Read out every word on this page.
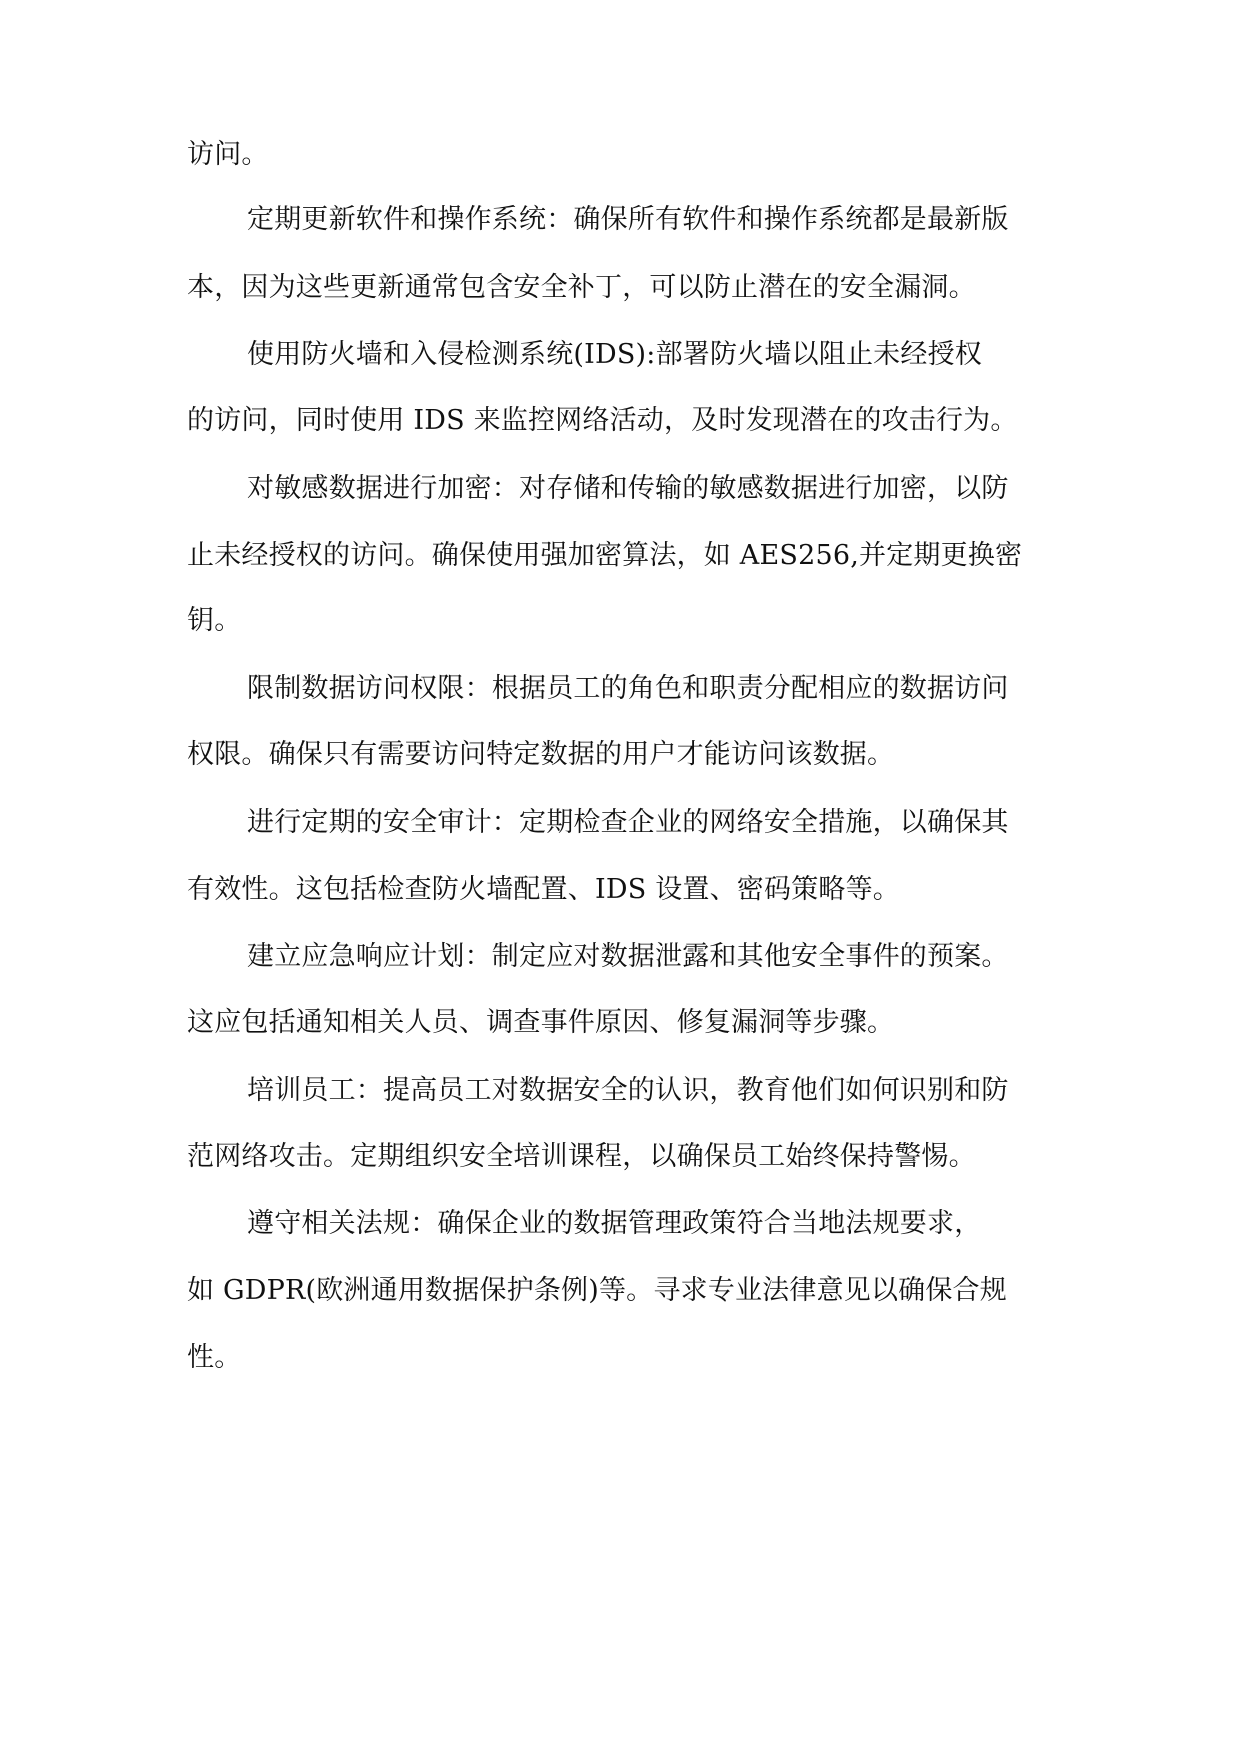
访问。
定期更新软件和操作系统：确保所有软件和操作系统都是最新版
本，因为这些更新通常包含安全补丁，可以防止潜在的安全漏洞。
使用防火墙和入侵检测系统(IDS):部署防火墙以阻止未经授权
的访问，同时使用 IDS 来监控网络活动，及时发现潜在的攻击行为。
对敏感数据进行加密：对存储和传输的敏感数据进行加密，以防
止未经授权的访问。确保使用强加密算法，如 AES256,并定期更换密
钥。
限制数据访问权限：根据员工的角色和职责分配相应的数据访问
权限。确保只有需要访问特定数据的用户才能访问该数据。
进行定期的安全审计：定期检查企业的网络安全措施，以确保其
有效性。这包括检查防火墙配置、IDS 设置、密码策略等。
建立应急响应计划：制定应对数据泄露和其他安全事件的预案。
这应包括通知相关人员、调查事件原因、修复漏洞等步骤。
培训员工：提高员工对数据安全的认识，教育他们如何识别和防
范网络攻击。定期组织安全培训课程，以确保员工始终保持警惕。
遵守相关法规：确保企业的数据管理政策符合当地法规要求，
如 GDPR(欧洲通用数据保护条例)等。寻求专业法律意见以确保合规
性。
